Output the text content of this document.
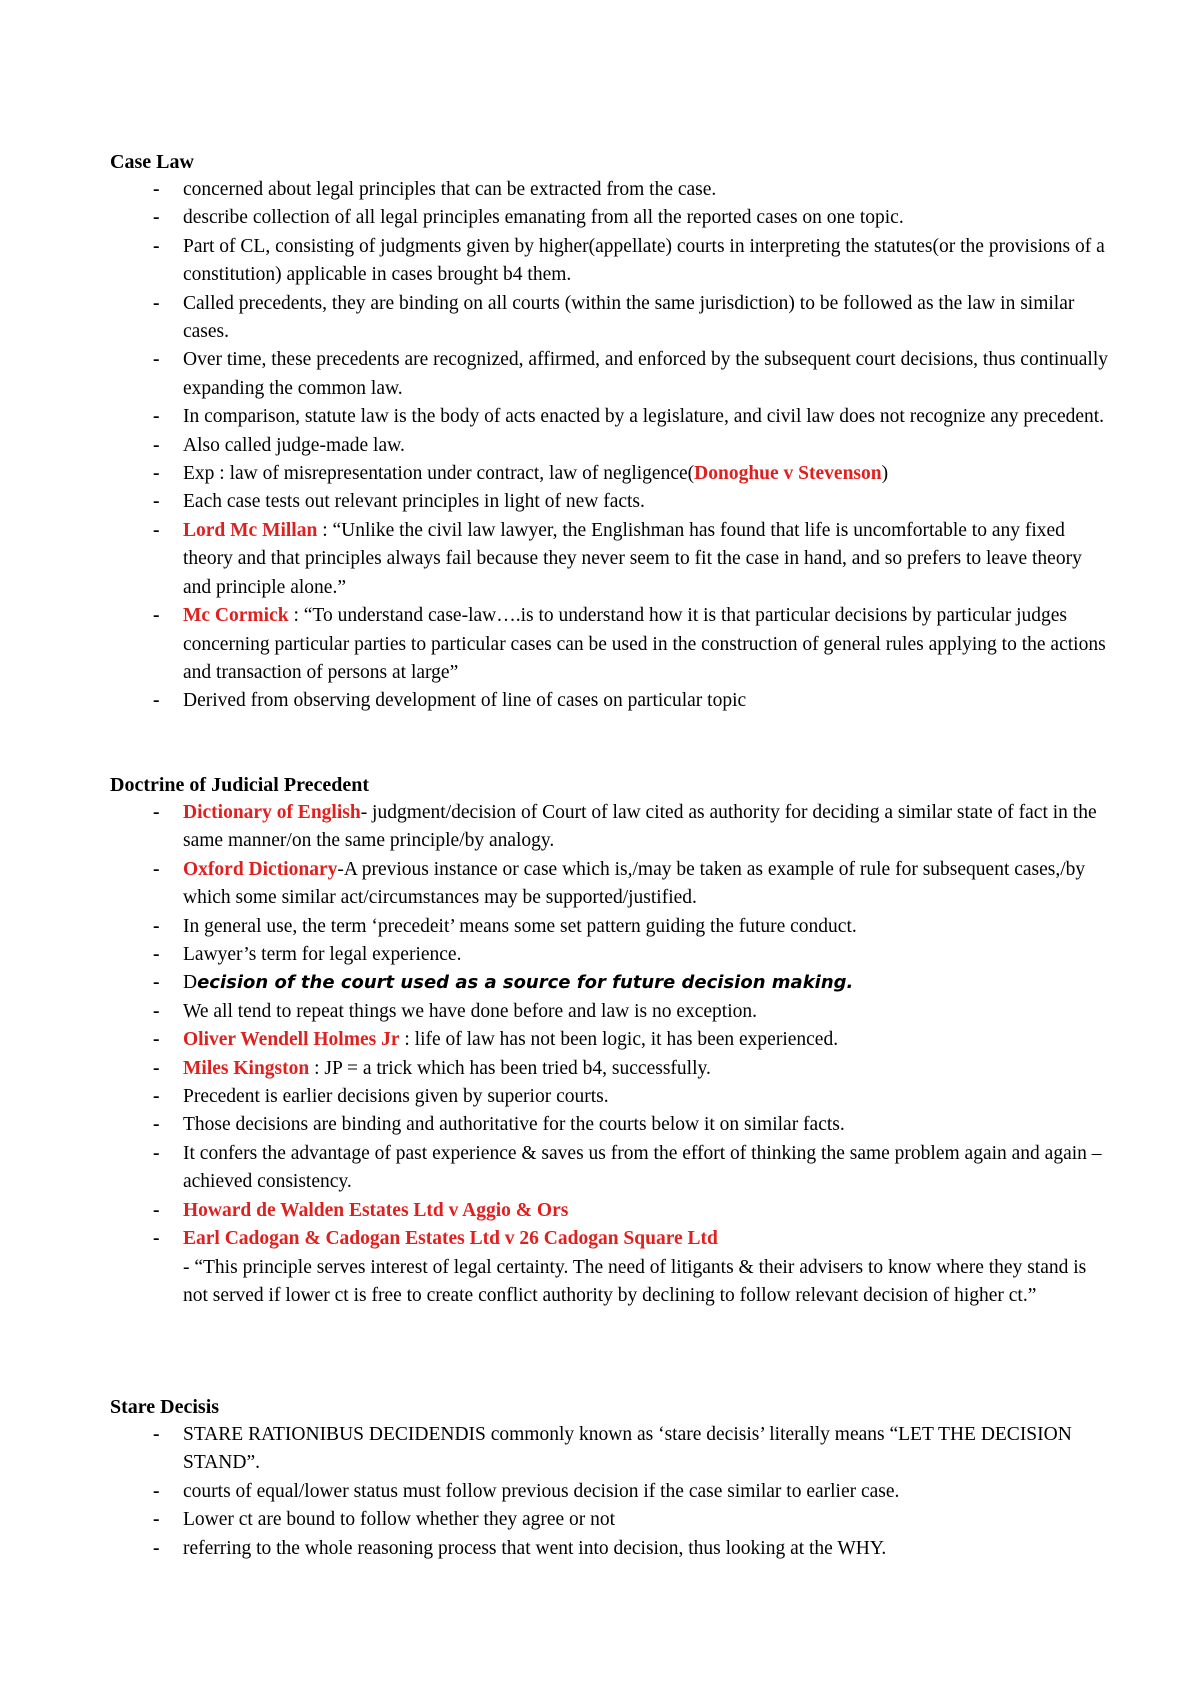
Case Law
- concerned about legal principles that can be extracted from the case.
- describe collection of all legal principles emanating from all the reported cases on one topic.
- Part of CL, consisting of judgments given by higher(appellate) courts in interpreting the statutes(or the provisions of a constitution) applicable in cases brought b4 them.
- Called precedents, they are binding on all courts (within the same jurisdiction) to be followed as the law in similar cases.
- Over time, these precedents are recognized, affirmed, and enforced by the subsequent court decisions, thus continually expanding the common law.
- In comparison, statute law is the body of acts enacted by a legislature, and civil law does not recognize any precedent.
- Also called judge-made law.
- Exp : law of misrepresentation under contract, law of negligence(Donoghue v Stevenson)
- Each case tests out relevant principles in light of new facts.
- Lord Mc Millan : “Unlike the civil law lawyer, the Englishman has found that life is uncomfortable to any fixed theory and that principles always fail because they never seem to fit the case in hand, and so prefers to leave theory and principle alone.”
- Mc Cormick : “To understand case-law….is to understand how it is that particular decisions by particular judges concerning particular parties to particular cases can be used in the construction of general rules applying to the actions and transaction of persons at large”
- Derived from observing development of line of cases on particular topic
Doctrine of Judicial Precedent
- Dictionary of English- judgment/decision of Court of law cited as authority for deciding a similar state of fact in the same manner/on the same principle/by analogy.
- Oxford Dictionary-A previous instance or case which is,/may be taken as example of rule for subsequent cases,/by which some similar act/circumstances may be supported/justified.
- In general use, the term ‘precedeit’ means some set pattern guiding the future conduct.
- Lawyer’s term for legal experience.
- Decision of the court used as a source for future decision making.
- We all tend to repeat things we have done before and law is no exception.
- Oliver Wendell Holmes Jr : life of law has not been logic, it has been experienced.
- Miles Kingston : JP = a trick which has been tried b4, successfully.
- Precedent is earlier decisions given by superior courts.
- Those decisions are binding and authoritative for the courts below it on similar facts.
- It confers the advantage of past experience & saves us from the effort of thinking the same problem again and again – achieved consistency.
- Howard de Walden Estates Ltd v Aggio & Ors
- Earl Cadogan & Cadogan Estates Ltd v 26 Cadogan Square Ltd
- “This principle serves interest of legal certainty. The need of litigants & their advisers to know where they stand is not served if lower ct is free to create conflict authority by declining to follow relevant decision of higher ct.”
Stare Decisis
- STARE RATIONIBUS DECIDENDIS commonly known as ‘stare decisis’ literally means “LET THE DECISION STAND”.
- courts of equal/lower status must follow previous decision if the case similar to earlier case.
- Lower ct are bound to follow whether they agree or not
- referring to the whole reasoning process that went into decision, thus looking at the WHY.
